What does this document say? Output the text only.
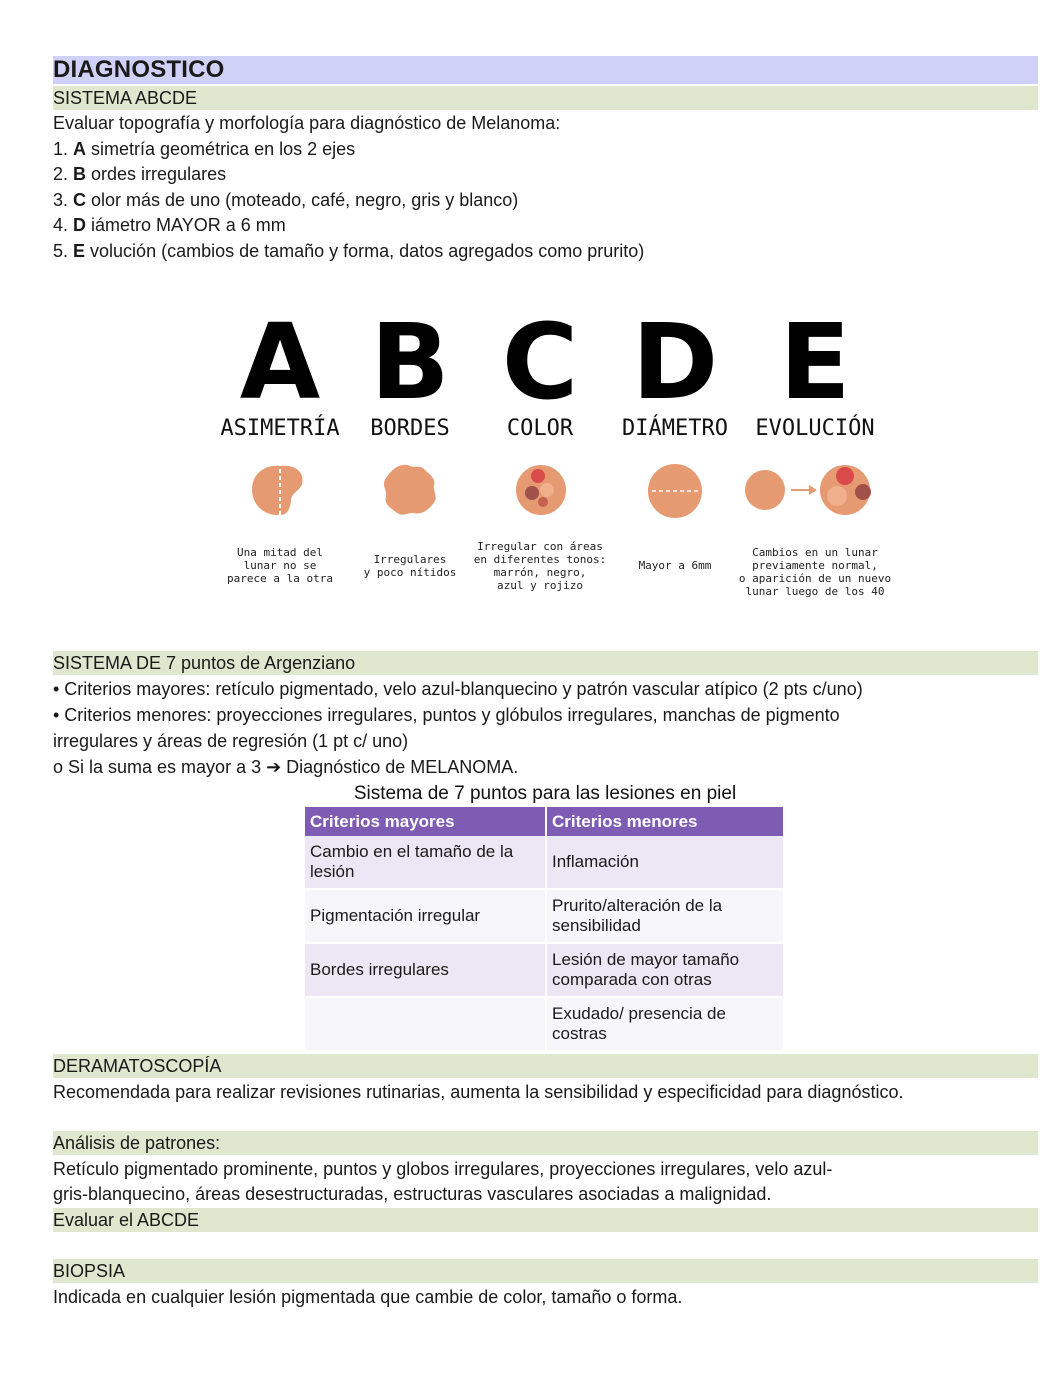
DIAGNOSTICO
SISTEMA ABCDE
Evaluar topografía y morfología para diagnóstico de Melanoma:
1. A simetría geométrica en los 2 ejes
2. B ordes irregulares
3. C olor más de uno (moteado, café, negro, gris y blanco)
4. D iámetro MAYOR a 6 mm
5. E volución (cambios de tamaño y forma, datos agregados como prurito)
A
ASIMETRÍA
Una mitad del
lunar no se
parece a la otra
B
BORDES
Irregulares
y poco nítidos
C
COLOR
Irregular con áreas
en diferentes tonos:
marrón, negro,
azul y rojizo
D
DIÁMETRO
Mayor a 6mm
E
EVOLUCIÓN
Cambios en un lunar
previamente normal,
o aparición de un nuevo
lunar luego de los 40
SISTEMA DE 7 puntos de Argenziano
• Criterios mayores: retículo pigmentado, velo azul-blanquecino y patrón vascular atípico (2 pts c/uno)
• Criterios menores: proyecciones irregulares, puntos y glóbulos irregulares, manchas de pigmento
irregulares y áreas de regresión (1 pt c/ uno)
o Si la suma es mayor a 3 ➔ Diagnóstico de MELANOMA.
Sistema de 7 puntos para las lesiones en piel
Criterios mayores	Criterios menores

Cambio en el tamaño de la
lesión	Inflamación

Pigmentación irregular	Prurito/alteración de la
sensibilidad

Bordes irregulares	Lesión de mayor tamaño
comparada con otras

	Exudado/ presencia de
costras
DERAMATOSCOPÍA
Recomendada para realizar revisiones rutinarias, aumenta la sensibilidad y especificidad para diagnóstico.
Análisis de patrones:
Retículo pigmentado prominente, puntos y globos irregulares, proyecciones irregulares, velo azul-
gris-blanquecino, áreas desestructuradas, estructuras vasculares asociadas a malignidad.
Evaluar el ABCDE
BIOPSIA
Indicada en cualquier lesión pigmentada que cambie de color, tamaño o forma.
